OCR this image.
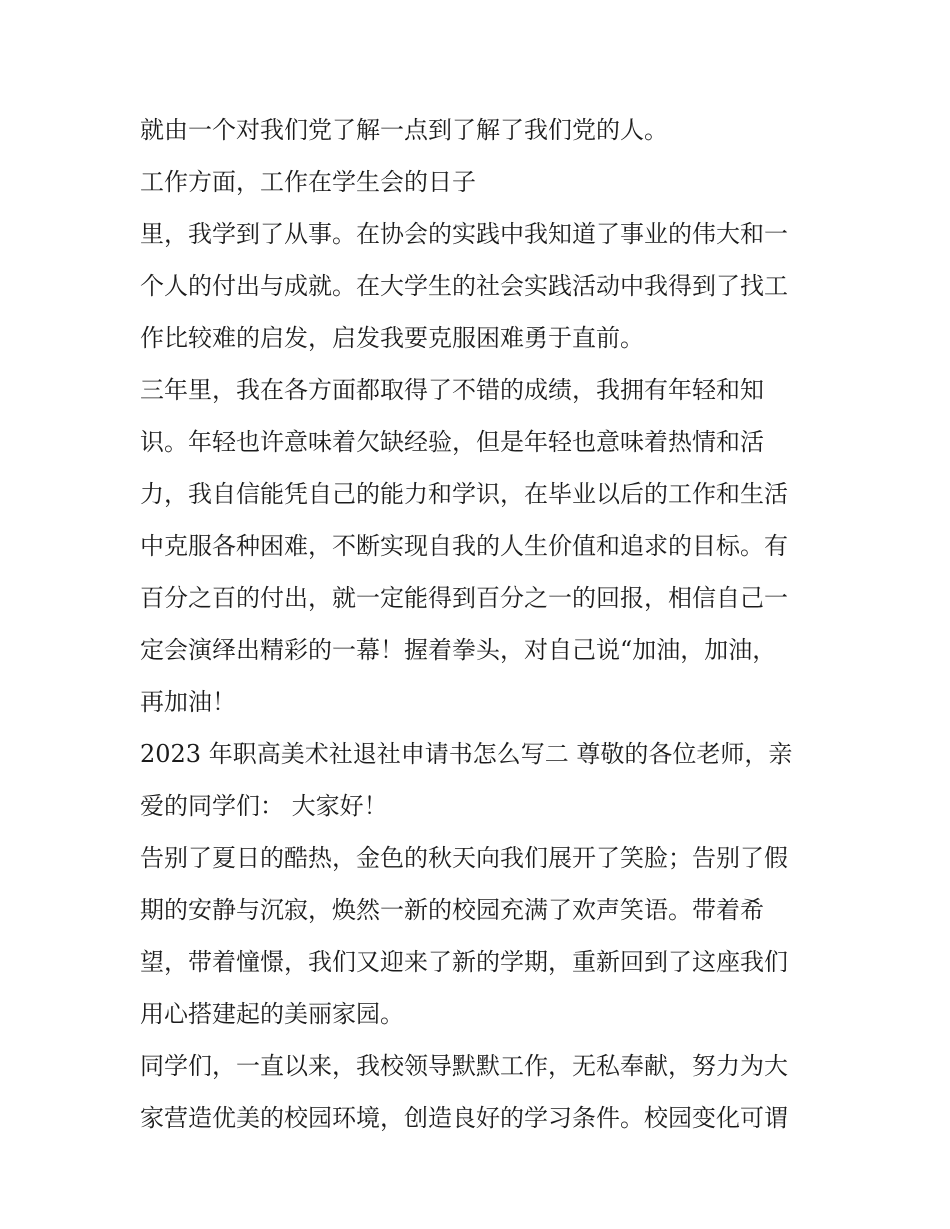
就由一个对我们党了解一点到了解了我们党的人。
工作方面，工作在学生会的日子
里，我学到了从事。在协会的实践中我知道了事业的伟大和一
个人的付出与成就。在大学生的社会实践活动中我得到了找工
作比较难的启发，启发我要克服困难勇于直前。
三年里，我在各方面都取得了不错的成绩，我拥有年轻和知
识。年轻也许意味着欠缺经验，但是年轻也意味着热情和活
力，我自信能凭自己的能力和学识，在毕业以后的工作和生活
中克服各种困难，不断实现自我的人生价值和追求的目标。有
百分之百的付出，就一定能得到百分之一的回报，相信自己一
定会演绎出精彩的一幕！握着拳头，对自己说“加油，加油，
再加油！
2023 年职高美术社退社申请书怎么写二 尊敬的各位老师，亲
爱的同学们： 大家好！
告别了夏日的酷热，金色的秋天向我们展开了笑脸；告别了假
期的安静与沉寂，焕然一新的校园充满了欢声笑语。带着希
望，带着憧憬，我们又迎来了新的学期，重新回到了这座我们
用心搭建起的美丽家园。
同学们，一直以来，我校领导默默工作，无私奉献，努力为大
家营造优美的校园环境，创造良好的学习条件。校园变化可谓
